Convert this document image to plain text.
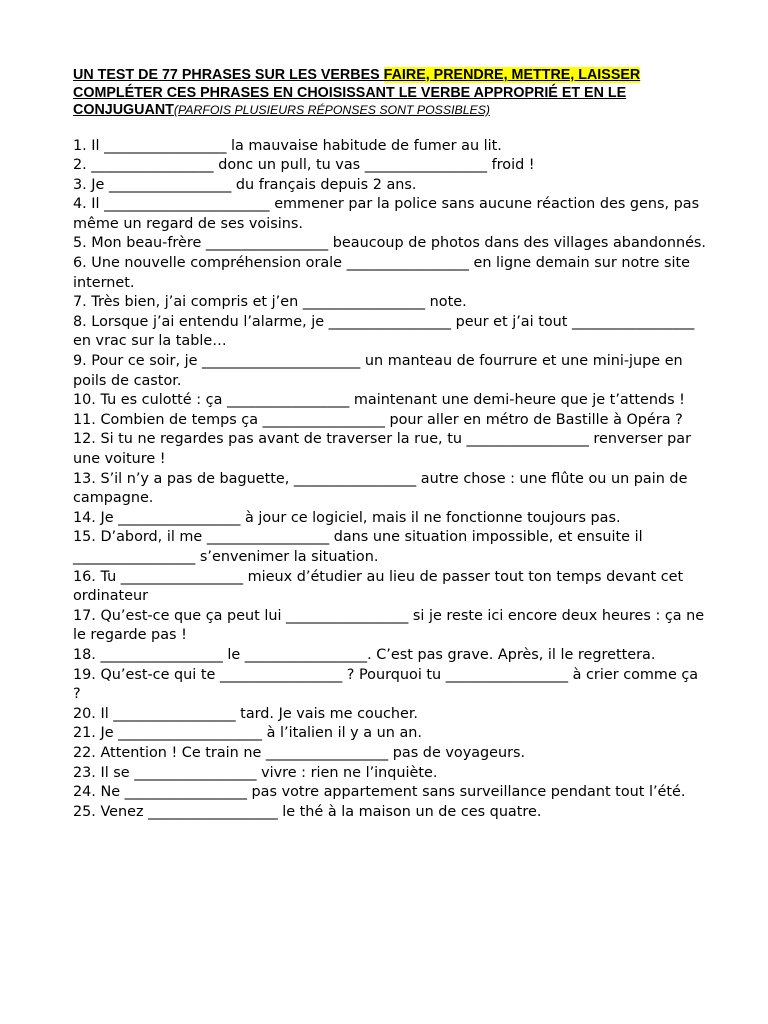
UN TEST DE 77 PHRASES SUR LES VERBES FAIRE, PRENDRE, METTRE, LAISSER
COMPLÉTER CES PHRASES EN CHOISISSANT LE VERBE APPROPRIÉ ET EN LE
CONJUGUANT(PARFOIS PLUSIEURS RÉPONSES SONT POSSIBLES)

1. Il _________________ la mauvaise habitude de fumer au lit.

2. _________________ donc un pull, tu vas _________________ froid !

3. Je _________________ du français depuis 2 ans.

4. Il _______________________ emmener par la police sans aucune réaction des gens, pas même un regard de ses voisins.

5. Mon beau-frère _________________ beaucoup de photos dans des villages abandonnés.

6. Une nouvelle compréhension orale _________________ en ligne demain sur notre site internet.

7. Très bien, j’ai compris et j’en _________________ note.

8. Lorsque j’ai entendu l’alarme, je _________________ peur et j’ai tout _________________ en vrac sur la table…

9. Pour ce soir, je ______________________ un manteau de fourrure et une mini-jupe en poils de castor.

10. Tu es culotté : ça _________________ maintenant une demi-heure que je t’attends !

11. Combien de temps ça _________________ pour aller en métro de Bastille à Opéra ?

12. Si tu ne regardes pas avant de traverser la rue, tu _________________ renverser par une voiture !

13. S’il n’y a pas de baguette, _________________ autre chose : une flûte ou un pain de campagne.

14. Je _________________ à jour ce logiciel, mais il ne fonctionne toujours pas.

15. D’abord, il me _________________ dans une situation impossible, et ensuite il _________________ s’envenimer la situation.

16. Tu _________________ mieux d’étudier au lieu de passer tout ton temps devant cet ordinateur

17. Qu’est-ce que ça peut lui _________________ si je reste ici encore deux heures : ça ne le regarde pas !

18. _________________ le _________________. C’est pas grave. Après, il le regrettera.

19. Qu’est-ce qui te _________________ ? Pourquoi tu _________________ à crier comme ça ?

20. Il _________________ tard. Je vais me coucher.

21. Je ____________________ à l’italien il y a un an.

22. Attention ! Ce train ne _________________ pas de voyageurs.

23. Il se _________________ vivre : rien ne l’inquiète.

24. Ne _________________ pas votre appartement sans surveillance pendant tout l’été.

25. Venez __________________ le thé à la maison un de ces quatre.
